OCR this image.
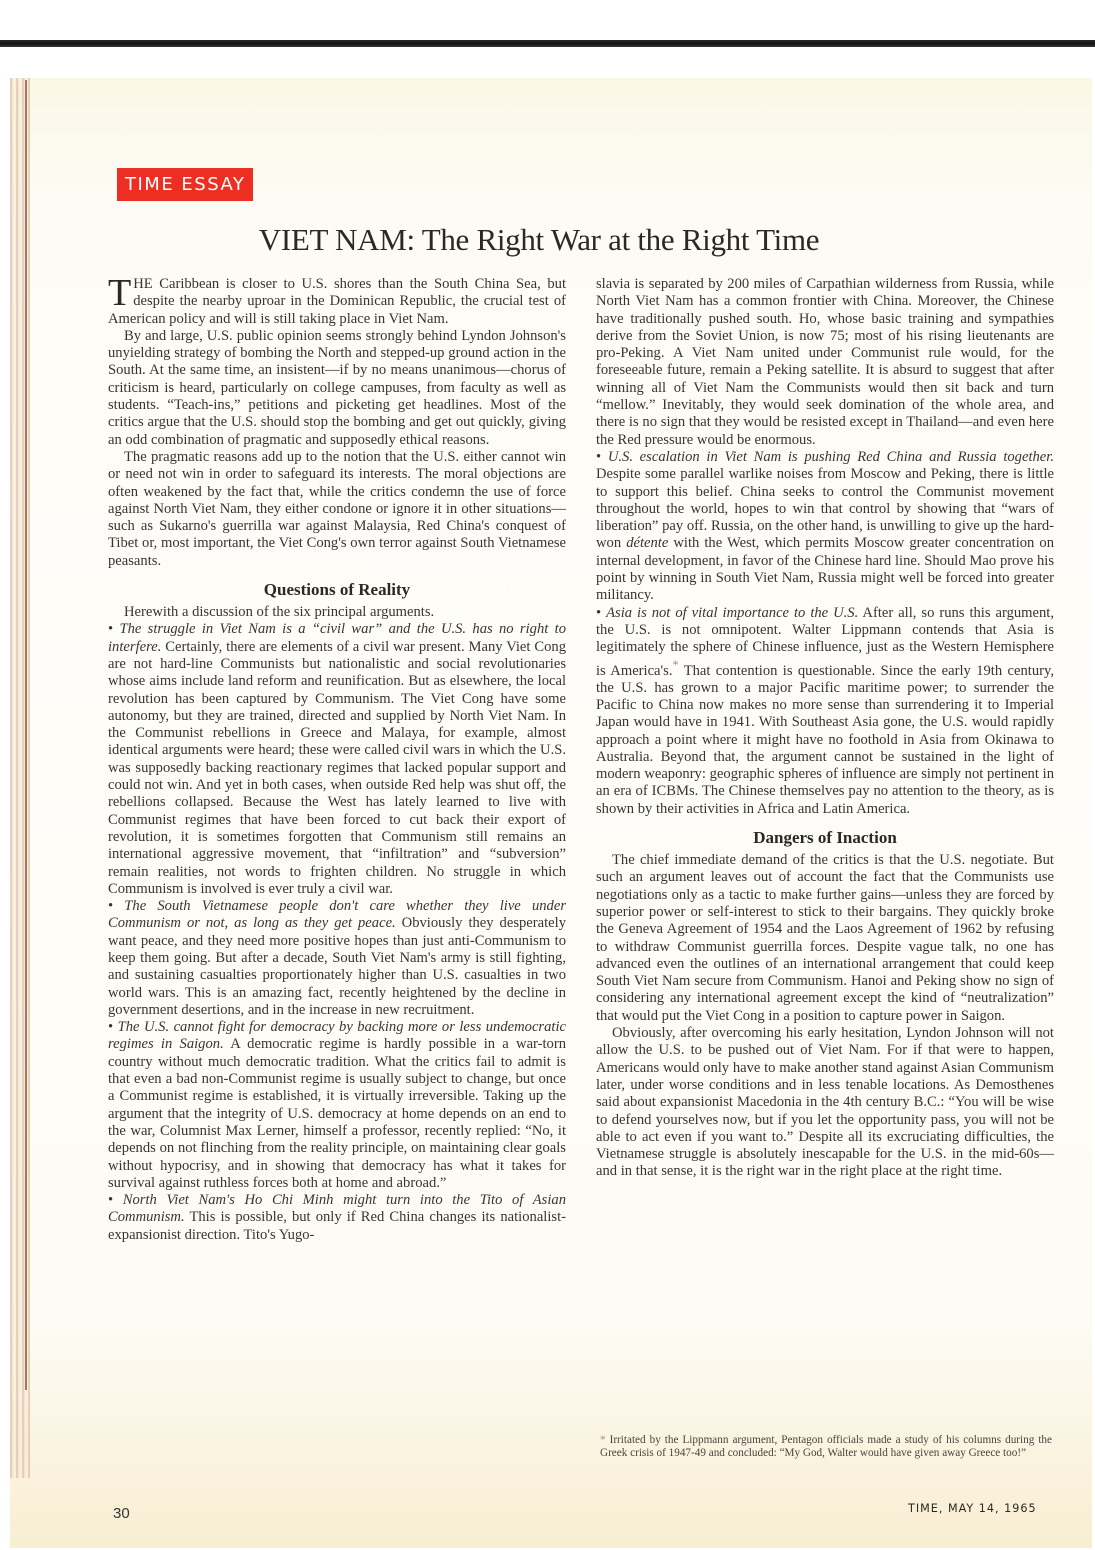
TIME ESSAY
VIET NAM: The Right War at the Right Time

THE Caribbean is closer to U.S. shores than the South China Sea, but despite the nearby uproar in the Dominican Republic, the crucial test of American policy and will is still taking place in Viet Nam.

By and large, U.S. public opinion seems strongly behind Lyndon Johnson's unyielding strategy of bombing the North and stepped-up ground action in the South. At the same time, an insistent—if by no means unanimous—chorus of criticism is heard, particularly on college campuses, from faculty as well as students. “Teach-ins,” petitions and picketing get headlines. Most of the critics argue that the U.S. should stop the bombing and get out quickly, giving an odd combination of pragmatic and supposedly ethical reasons.

The pragmatic reasons add up to the notion that the U.S. either cannot win or need not win in order to safeguard its interests. The moral objections are often weakened by the fact that, while the critics condemn the use of force against North Viet Nam, they either condone or ignore it in other situations—such as Sukarno's guerrilla war against Malaysia, Red China's conquest of Tibet or, most important, the Viet Cong's own terror against South Vietnamese peasants.

Questions of Reality

Herewith a discussion of the six principal arguments.

• The struggle in Viet Nam is a “civil war” and the U.S. has no right to interfere. Certainly, there are elements of a civil war present. Many Viet Cong are not hard-line Communists but nationalistic and social revolutionaries whose aims include land reform and reunification. But as elsewhere, the local revolution has been captured by Communism. The Viet Cong have some autonomy, but they are trained, directed and supplied by North Viet Nam. In the Communist rebellions in Greece and Malaya, for example, almost identical arguments were heard; these were called civil wars in which the U.S. was supposedly backing reactionary regimes that lacked popular support and could not win. And yet in both cases, when outside Red help was shut off, the rebellions collapsed. Because the West has lately learned to live with Communist regimes that have been forced to cut back their export of revolution, it is sometimes forgotten that Communism still remains an international aggressive movement, that “infiltration” and “subversion” remain realities, not words to frighten children. No struggle in which Communism is involved is ever truly a civil war.

• The South Vietnamese people don't care whether they live under Communism or not, as long as they get peace. Obviously they desperately want peace, and they need more positive hopes than just anti-Communism to keep them going. But after a decade, South Viet Nam's army is still fighting, and sustaining casualties proportionately higher than U.S. casualties in two world wars. This is an amazing fact, recently heightened by the decline in government desertions, and in the increase in new recruitment.

• The U.S. cannot fight for democracy by backing more or less undemocratic regimes in Saigon. A democratic regime is hardly possible in a war-torn country without much democratic tradition. What the critics fail to admit is that even a bad non-Communist regime is usually subject to change, but once a Communist regime is established, it is virtually irreversible. Taking up the argument that the integrity of U.S. democracy at home depends on an end to the war, Columnist Max Lerner, himself a professor, recently replied: “No, it depends on not flinching from the reality principle, on maintaining clear goals without hypocrisy, and in showing that democracy has what it takes for survival against ruthless forces both at home and abroad.”

• North Viet Nam's Ho Chi Minh might turn into the Tito of Asian Communism. This is possible, but only if Red China changes its nationalist-expansionist direction. Tito's Yugo-

slavia is separated by 200 miles of Carpathian wilderness from Russia, while North Viet Nam has a common frontier with China. Moreover, the Chinese have traditionally pushed south. Ho, whose basic training and sympathies derive from the Soviet Union, is now 75; most of his rising lieutenants are pro-Peking. A Viet Nam united under Communist rule would, for the foreseeable future, remain a Peking satellite. It is absurd to suggest that after winning all of Viet Nam the Communists would then sit back and turn “mellow.” Inevitably, they would seek domination of the whole area, and there is no sign that they would be resisted except in Thailand—and even here the Red pressure would be enormous.

• U.S. escalation in Viet Nam is pushing Red China and Russia together. Despite some parallel warlike noises from Moscow and Peking, there is little to support this belief. China seeks to control the Communist movement throughout the world, hopes to win that control by showing that “wars of liberation” pay off. Russia, on the other hand, is unwilling to give up the hard-won détente with the West, which permits Moscow greater concentration on internal development, in favor of the Chinese hard line. Should Mao prove his point by winning in South Viet Nam, Russia might well be forced into greater militancy.

• Asia is not of vital importance to the U.S. After all, so runs this argument, the U.S. is not omnipotent. Walter Lippmann contends that Asia is legitimately the sphere of Chinese influence, just as the Western Hemisphere is America's.* That contention is questionable. Since the early 19th century, the U.S. has grown to a major Pacific maritime power; to surrender the Pacific to China now makes no more sense than surrendering it to Imperial Japan would have in 1941. With Southeast Asia gone, the U.S. would rapidly approach a point where it might have no foothold in Asia from Okinawa to Australia. Beyond that, the argument cannot be sustained in the light of modern weaponry: geographic spheres of influence are simply not pertinent in an era of ICBMs. The Chinese themselves pay no attention to the theory, as is shown by their activities in Africa and Latin America.

Dangers of Inaction

The chief immediate demand of the critics is that the U.S. negotiate. But such an argument leaves out of account the fact that the Communists use negotiations only as a tactic to make further gains—unless they are forced by superior power or self-interest to stick to their bargains. They quickly broke the Geneva Agreement of 1954 and the Laos Agreement of 1962 by refusing to withdraw Communist guerrilla forces. Despite vague talk, no one has advanced even the outlines of an international arrangement that could keep South Viet Nam secure from Communism. Hanoi and Peking show no sign of considering any international agreement except the kind of “neutralization” that would put the Viet Cong in a position to capture power in Saigon.

Obviously, after overcoming his early hesitation, Lyndon Johnson will not allow the U.S. to be pushed out of Viet Nam. For if that were to happen, Americans would only have to make another stand against Asian Communism later, under worse conditions and in less tenable locations. As Demosthenes said about expansionist Macedonia in the 4th century B.C.: “You will be wise to defend yourselves now, but if you let the opportunity pass, you will not be able to act even if you want to.” Despite all its excruciating difficulties, the Vietnamese struggle is absolutely inescapable for the U.S. in the mid-60s—and in that sense, it is the right war in the right place at the right time.

* Irritated by the Lippmann argument, Pentagon officials made a study of his columns during the Greek crisis of 1947-49 and concluded: “My God, Walter would have given away Greece too!”
30	TIME, MAY 14, 1965
